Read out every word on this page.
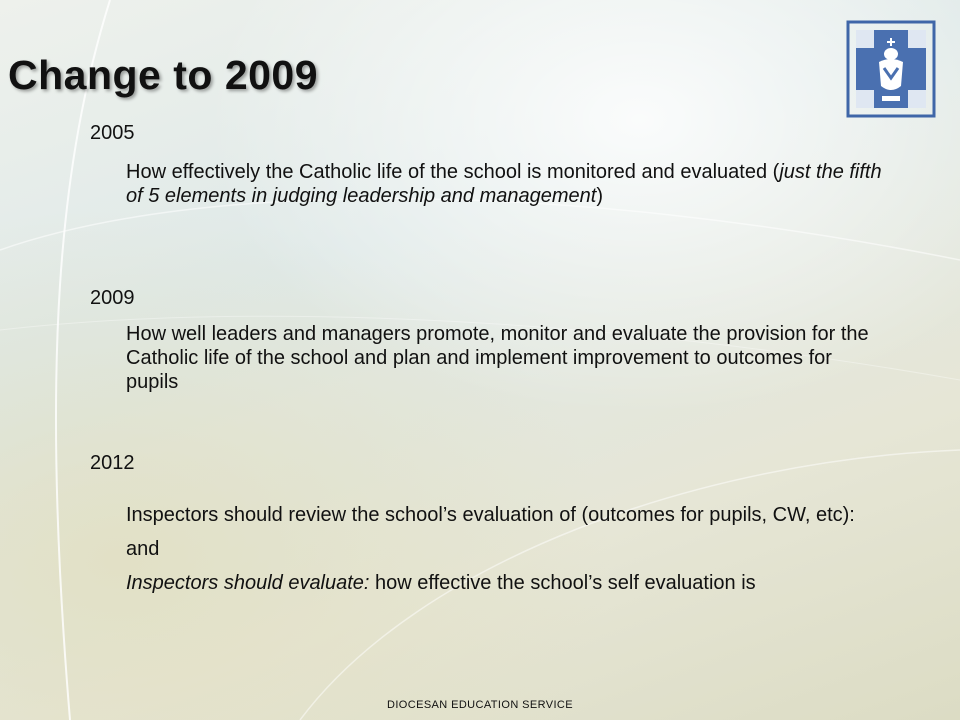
Change to 2009
2005

How effectively the Catholic life of the school is monitored and evaluated (just the fifth of 5 elements in judging leadership and management)

2009

How well leaders and managers promote, monitor and evaluate the provision for the Catholic life of the school and plan and implement improvement to outcomes for pupils

2012

Inspectors should review the school’s evaluation of (outcomes for pupils, CW, etc): and

Inspectors should evaluate: how effective the school’s self evaluation is

DIOCESAN EDUCATION SERVICE
